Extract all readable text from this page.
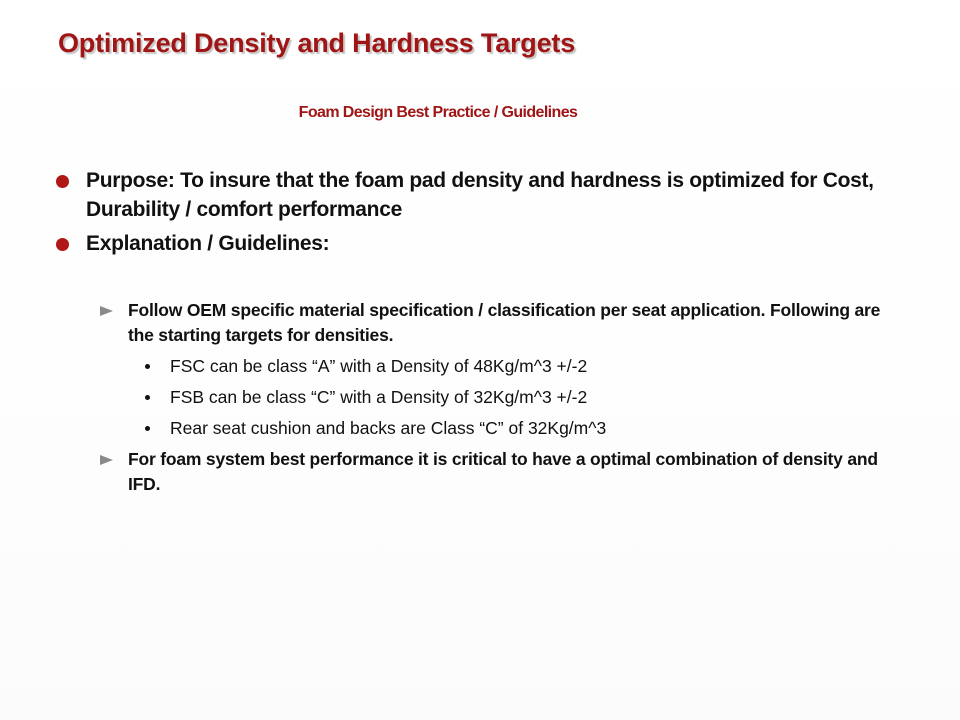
Optimized Density and Hardness Targets
Foam Design Best Practice / Guidelines
Purpose: To insure that the foam pad density and hardness is optimized for Cost, Durability / comfort performance
Explanation / Guidelines:
Follow OEM specific material specification / classification per seat application. Following are the starting targets for densities.
FSC can be class “A” with a Density of 48Kg/m^3 +/-2
FSB can be class “C” with a Density of 32Kg/m^3 +/-2
Rear seat cushion and backs are Class “C” of 32Kg/m^3
For foam system best performance it is critical to have a optimal combination of density and IFD.
